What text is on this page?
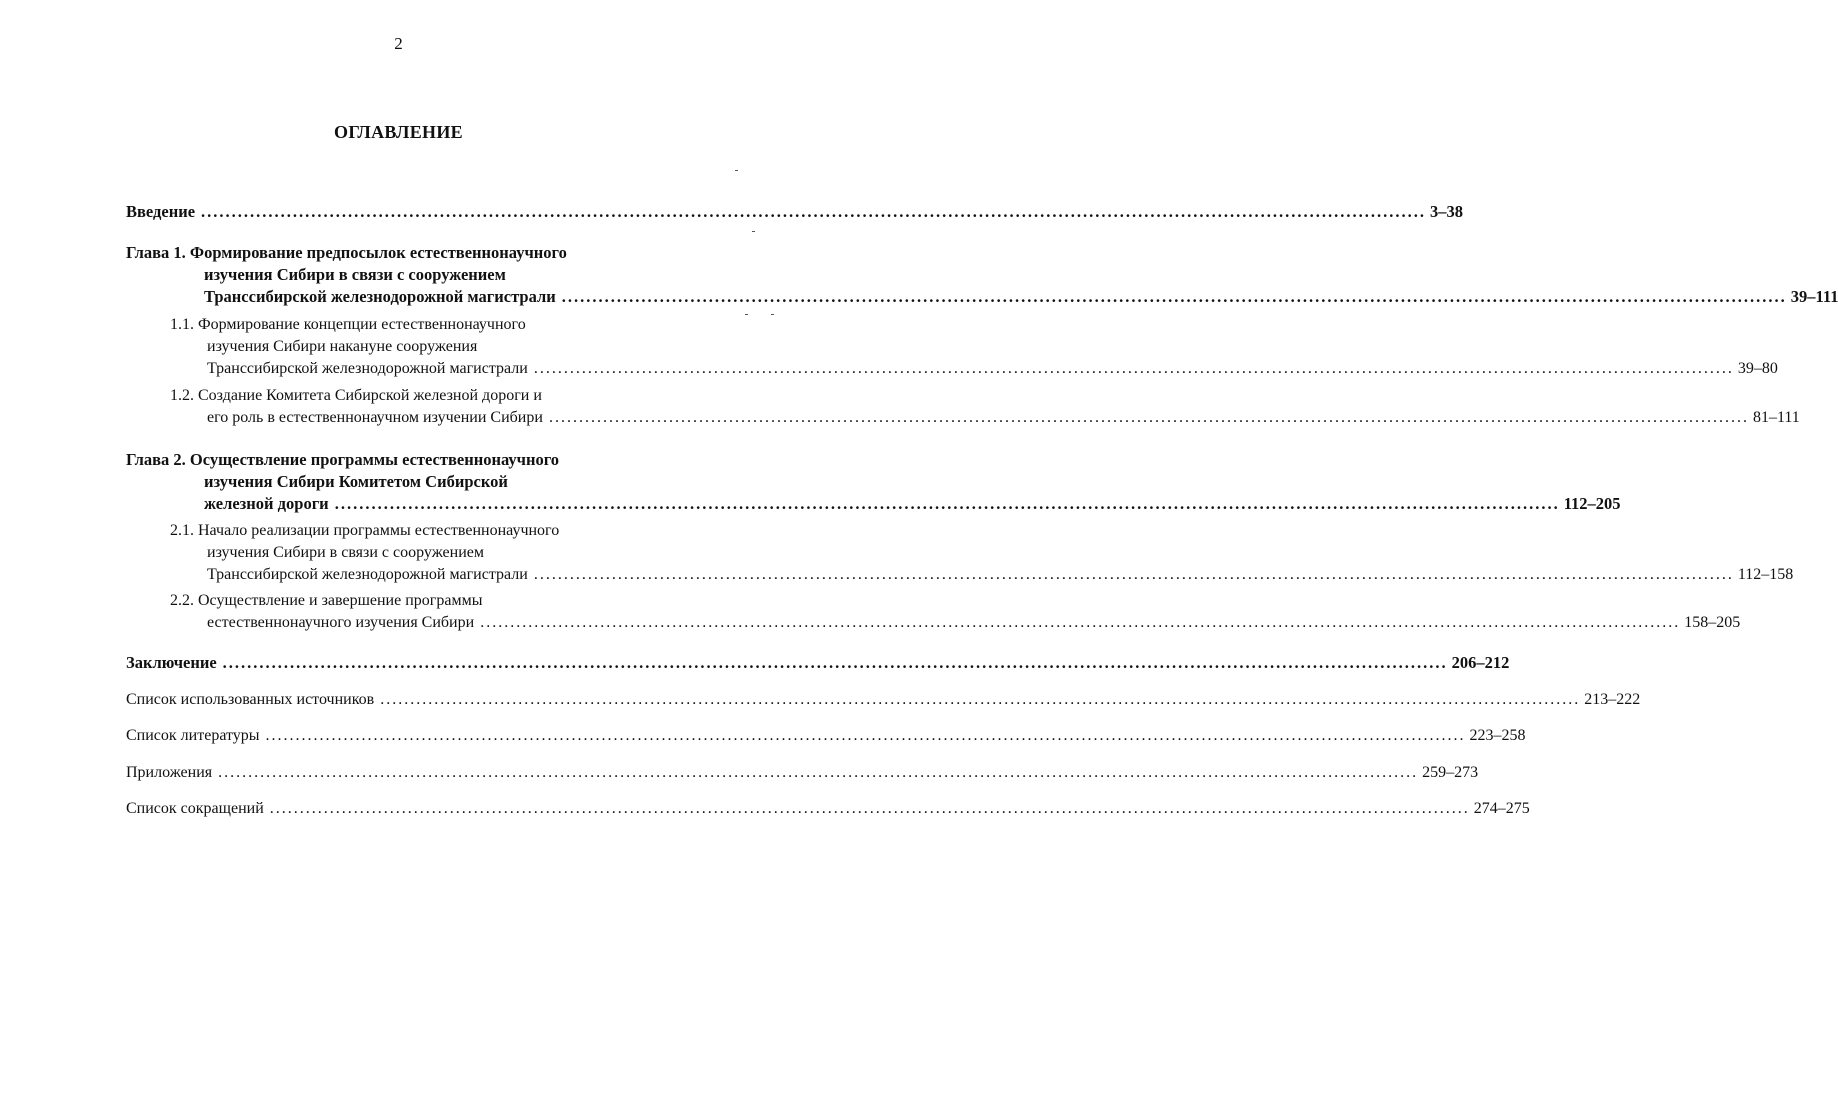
2
ОГЛАВЛЕНИЕ
Введение ........................................................................................................................................................................................................ 3–38
Глава 1. Формирование предпосылок естественнонаучного
изучения Сибири в связи с сооружением
Транссибирской железнодорожной магистрали ........................................................................................................................................................................................................ 39–111
1.1. Формирование концепции естественнонаучного
изучения Сибири накануне сооружения
Транссибирской железнодорожной магистрали ........................................................................................................................................................................................................ 39–80
1.2. Создание Комитета Сибирской железной дороги и
его роль в естественнонаучном изучении Сибири ........................................................................................................................................................................................................ 81–111
Глава 2. Осуществление программы естественнонаучного
изучения Сибири Комитетом Сибирской
железной дороги ........................................................................................................................................................................................................ 112–205
2.1. Начало реализации программы естественнонаучного
изучения Сибири в связи с сооружением
Транссибирской железнодорожной магистрали ........................................................................................................................................................................................................ 112–158
2.2. Осуществление и завершение программы
естественнонаучного изучения Сибири ........................................................................................................................................................................................................ 158–205
Заключение ........................................................................................................................................................................................................ 206–212
Список использованных источников ........................................................................................................................................................................................................ 213–222
Список литературы ........................................................................................................................................................................................................ 223–258
Приложения ........................................................................................................................................................................................................ 259–273
Список сокращений ........................................................................................................................................................................................................ 274–275
